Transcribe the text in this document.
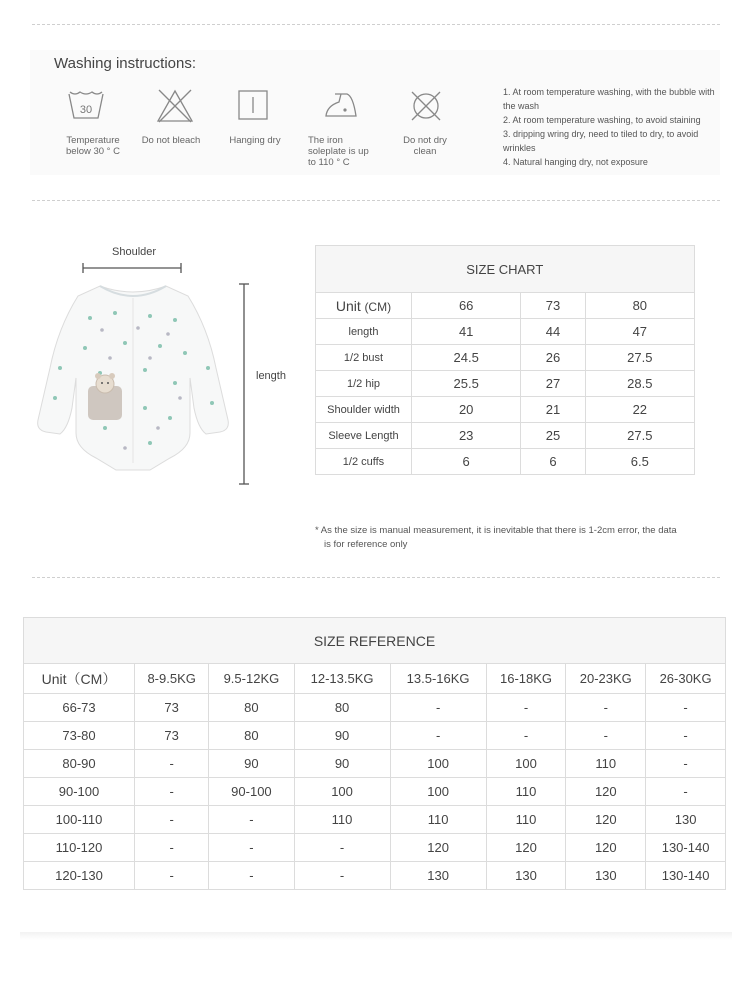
Washing instructions:
30
Temperature
below 30 ° C
Do not bleach	Hanging dry	The iron
soleplate is up
to 110 ° C
Do not dry
clean
1. At room temperature washing, with the bubble with the wash
2. At room temperature washing, to avoid staining
3. dripping wring dry, need to tiled to dry, to avoid wrinkles
4. Natural hanging dry, not exposure
Shoulder
length
	SIZE CHART		
Unit (CM)	66	73	80
length	41	44	47
1/2 bust	24.5	26	27.5
1/2 hip	25.5	27	28.5
Shoulder width	20	21	22
Sleeve Length	23	25	27.5
1/2 cuffs	6	6	6.5
* As the size is manual measurement, it is inevitable that there is 1-2cm error, the data
is for reference only
SIZE REFERENCE							
Unit（CM）	8-9.5KG	9.5-12KG	12-13.5KG	13.5-16KG	16-18KG	20-23KG	26-30KG
66-73	73	80	80	-	-	-	-
73-80	73	80	90	-	-	-	-
80-90	-	90	90	100	100	110	-
90-100	-	90-100	100	100	110	120	-
100-110	-	-	110	110	110	120	130
110-120	-	-	-	120	120	120	130-140
120-130	-	-	-	130	130	130	130-140
